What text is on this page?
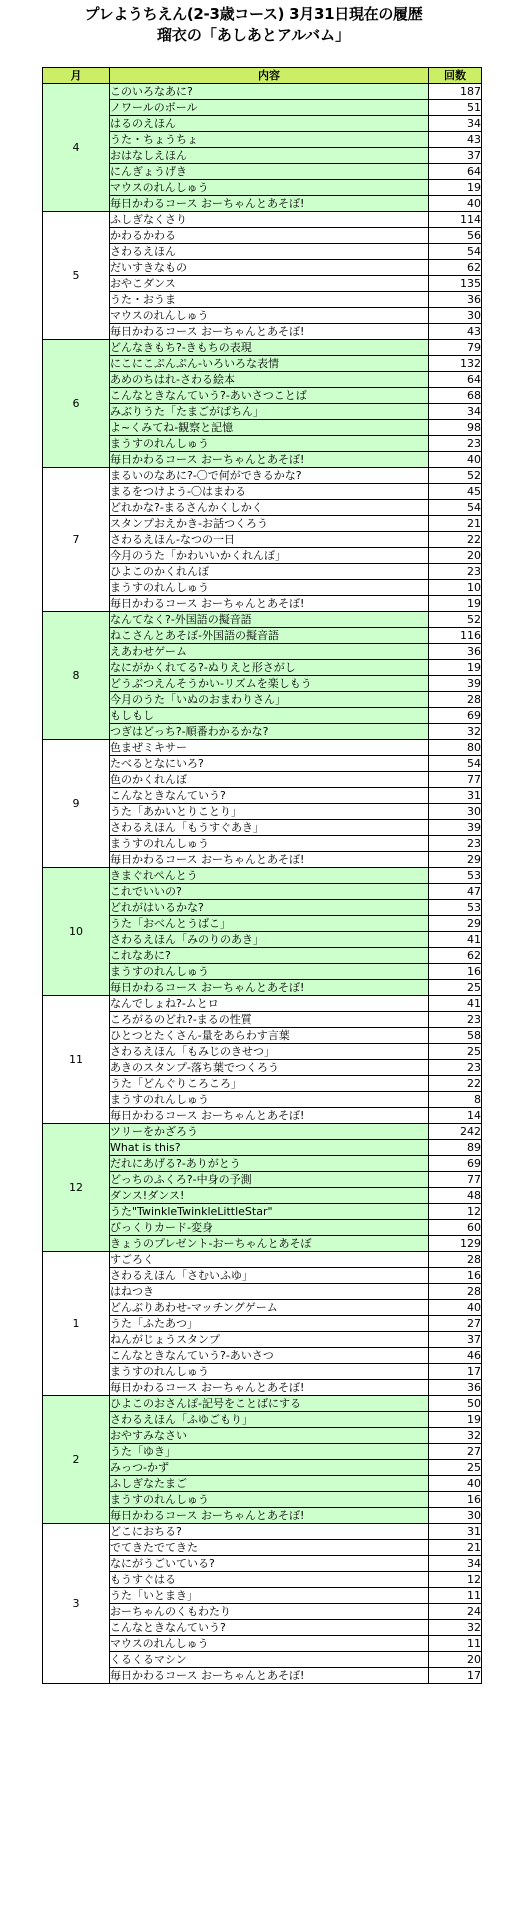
プレようちえん(2-3歳コース) 3月31日現在の履歴
瑠衣の「あしあとアルバム」
月	内容	回数
4	このいろなあに?	187
	ノワールのボール	51
	はるのえほん	34
	うた・ちょうちょ	43
	おはなしえほん	37
	にんぎょうげき	64
	マウスのれんしゅう	19
	毎日かわるコース おーちゃんとあそぼ!	40
5	ふしぎなくさり	114
	かわるかわる	56
	さわるえほん	54
	だいすきなもの	62
	おやこダンス	135
	うた・おうま	36
	マウスのれんしゅう	30
	毎日かわるコース おーちゃんとあそぼ!	43
6	どんなきもち?-きもちの表現	79
	にこにこぷんぷん-いろいろな表情	132
	あめのちはれ-さわる絵本	64
	こんなときなんていう?-あいさつことば	68
	みぶりうた「たまごがぱちん」	34
	よ~くみてね-観察と記憶	98
	まうすのれんしゅう	23
	毎日かわるコース おーちゃんとあそぼ!	40
7	まるいのなあに?-〇で何ができるかな?	52
	まるをつけよう-〇はまわる	45
	どれかな?-まるさんかくしかく	54
	スタンプおえかき-お話つくろう	21
	さわるえほん-なつの一日	22
	今月のうた「かわいいかくれんぼ」	20
	ひよこのかくれんぼ	23
	まうすのれんしゅう	10
	毎日かわるコース おーちゃんとあそぼ!	19
8	なんてなく?-外国語の擬音語	52
	ねこさんとあそぼ-外国語の擬音語	116
	えあわせゲーム	36
	なにがかくれてる?-ぬりえと形さがし	19
	どうぶつえんそうかい-リズムを楽しもう	39
	今月のうた「いぬのおまわりさん」	28
	もしもし	69
	つぎはどっち?-順番わかるかな?	32
9	色まぜミキサー	80
	たべるとなにいろ?	54
	色のかくれんぼ	77
	こんなときなんていう?	31
	うた「あかいとりことり」	30
	さわるえほん「もうすぐあき」	39
	まうすのれんしゅう	23
	毎日かわるコース おーちゃんとあそぼ!	29
10	きまぐれぺんとう	53
	これでいいの?	47
	どれがはいるかな?	53
	うた「おべんとうばこ」	29
	さわるえほん「みのりのあき」	41
	これなあに?	62
	まうすのれんしゅう	16
	毎日かわるコース おーちゃんとあそぼ!	25
11	なんでしょね?-ムとロ	41
	ころがるのどれ?-まるの性質	23
	ひとつとたくさん-量をあらわす言葉	58
	さわるえほん「もみじのきせつ」	25
	あきのスタンプ-落ち葉でつくろう	23
	うた「どんぐりころころ」	22
	まうすのれんしゅう	8
	毎日かわるコース おーちゃんとあそぼ!	14
12	ツリーをかざろう	242
	What is this?	89
	だれにあげる?-ありがとう	69
	どっちのふくろ?-中身の予測	77
	ダンス!ダンス!	48
	うた"TwinkleTwinkleLittleStar"	12
	びっくりカード-変身	60
	きょうのプレゼント-おーちゃんとあそぼ	129
1	すごろく	28
	さわるえほん「さむいふゆ」	16
	はねつき	28
	どんぶりあわせ-マッチングゲーム	40
	うた「ふたあつ」	27
	ねんがじょうスタンプ	37
	こんなときなんていう?-あいさつ	46
	まうすのれんしゅう	17
	毎日かわるコース おーちゃんとあそぼ!	36
2	ひよこのおさんぽ-記号をことばにする	50
	さわるえほん「ふゆごもり」	19
	おやすみなさい	32
	うた「ゆき」	27
	みっつ-かず	25
	ふしぎなたまご	40
	まうすのれんしゅう	16
	毎日かわるコース おーちゃんとあそぼ!	30
3	どこにおちる?	31
	でてきたでてきた	21
	なにがうごいている?	34
	もうすぐはる	12
	うた「いとまき」	11
	おーちゃんのくもわたり	24
	こんなときなんていう?	32
	マウスのれんしゅう	11
	くるくるマシン	20
	毎日かわるコース おーちゃんとあそぼ!	17
